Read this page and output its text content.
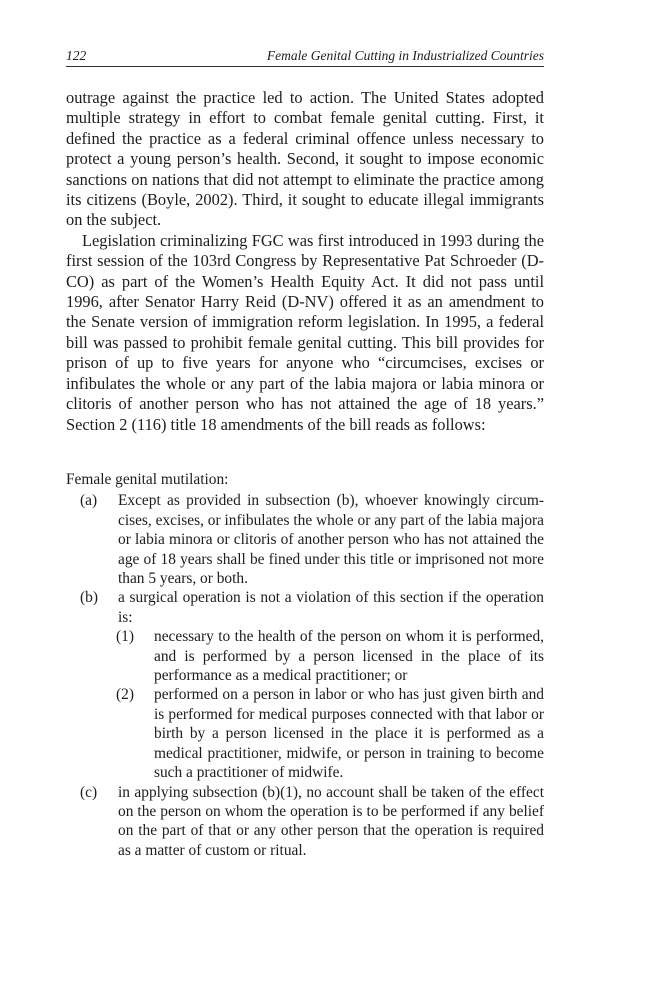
122	Female Genital Cutting in Industrialized Countries

outrage against the practice led to action. The United States adopted multiple strategy in effort to combat female genital cutting. First, it defined the practice as a federal criminal offence unless necessary to protect a young person’s health. Second, it sought to impose economic sanctions on nations that did not attempt to eliminate the practice among its citizens (Boyle, 2002). Third, it sought to educate illegal immigrants on the subject.

Legislation criminalizing FGC was first introduced in 1993 during the first session of the 103rd Congress by Representative Pat Schroeder (D-CO) as part of the Women’s Health Equity Act. It did not pass until 1996, after Senator Harry Reid (D-NV) offered it as an amendment to the Senate version of immigration reform legislation. In 1995, a federal bill was passed to prohibit female genital cutting. This bill provides for prison of up to five years for anyone who “circumcises, excises or infibulates the whole or any part of the labia majora or labia minora or clitoris of another person who has not attained the age of 18 years.” Section 2 (116) title 18 amendments of the bill reads as follows:

Female genital mutilation:

(a) Except as provided in subsection (b), whoever knowingly circumcises, excises, or infibulates the whole or any part of the labia majora or labia minora or clitoris of another person who has not attained the age of 18 years shall be fined under this title or imprisoned not more than 5 years, or both.

(b) a surgical operation is not a violation of this section if the operation is:

(1) necessary to the health of the person on whom it is performed, and is performed by a person licensed in the place of its performance as a medical practitioner; or

(2) performed on a person in labor or who has just given birth and is performed for medical purposes connected with that labor or birth by a person licensed in the place it is performed as a medical practitioner, midwife, or person in training to become such a practitioner of midwife.

(c) in applying subsection (b)(1), no account shall be taken of the effect on the person on whom the operation is to be performed if any belief on the part of that or any other person that the operation is required as a matter of custom or ritual.
